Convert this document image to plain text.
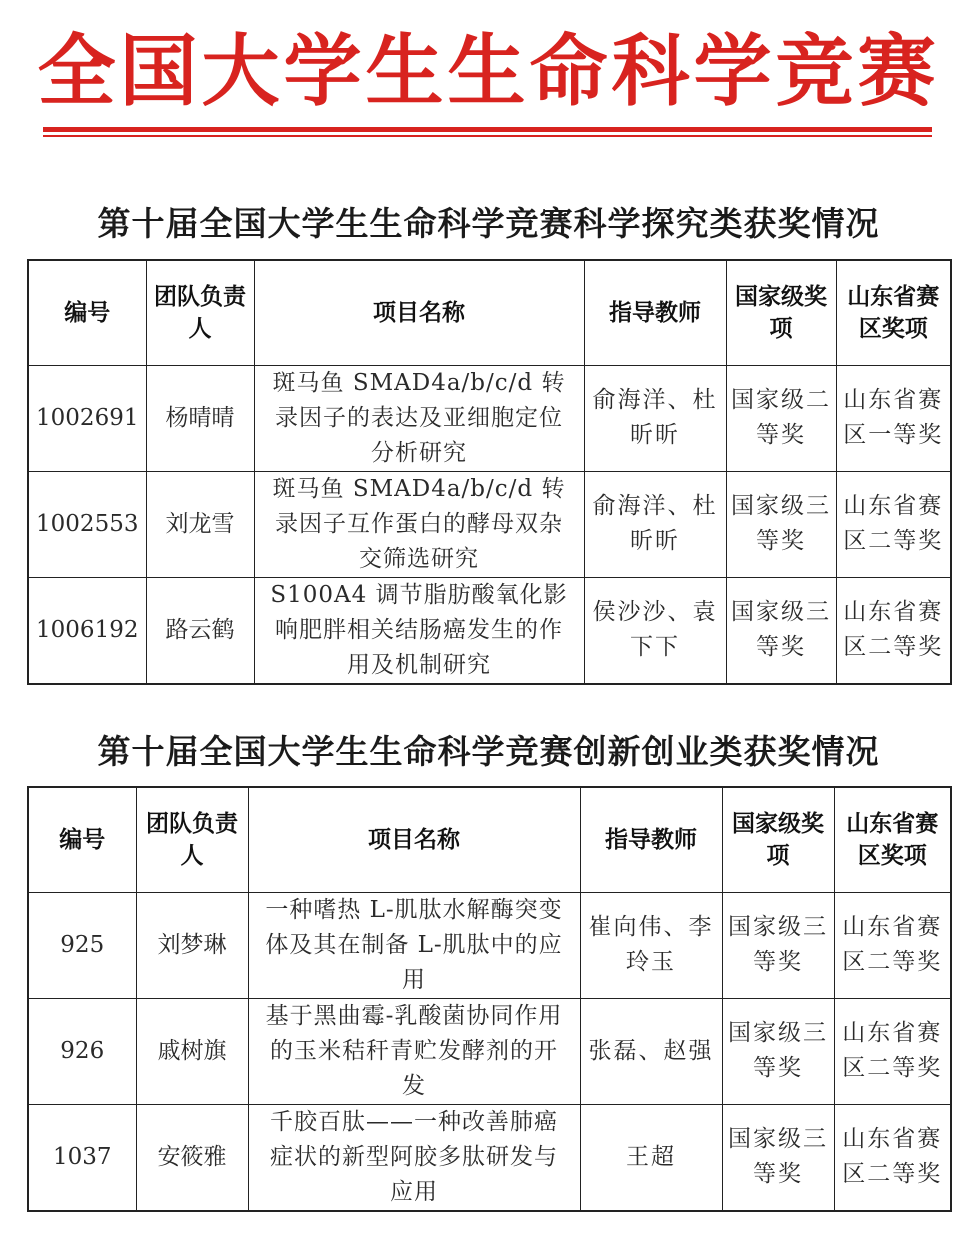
全国大学生生命科学竞赛
第十届全国大学生生命科学竞赛科学探究类获奖情况
编号	团队负责人	项目名称	指导教师	国家级奖项	山东省赛区奖项
1002691	杨晴晴	斑马鱼 SMAD4a/b/c/d 转录因子的表达及亚细胞定位分析研究	俞海洋、杜昕昕	国家级二等奖	山东省赛区一等奖
1002553	刘龙雪	斑马鱼 SMAD4a/b/c/d 转录因子互作蛋白的酵母双杂交筛选研究	俞海洋、杜昕昕	国家级三等奖	山东省赛区二等奖
1006192	路云鹤	S100A4 调节脂肪酸氧化影响肥胖相关结肠癌发生的作用及机制研究	侯沙沙、袁下下	国家级三等奖	山东省赛区二等奖
第十届全国大学生生命科学竞赛创新创业类获奖情况
编号	团队负责人	项目名称	指导教师	国家级奖项	山东省赛区奖项
925	刘梦琳	一种嗜热 L-肌肽水解酶突变体及其在制备 L-肌肽中的应用	崔向伟、李玲玉	国家级三等奖	山东省赛区二等奖
926	戚树旗	基于黑曲霉-乳酸菌协同作用的玉米秸秆青贮发酵剂的开发	张磊、赵强	国家级三等奖	山东省赛区二等奖
1037	安筱雅	千胶百肽——一种改善肺癌症状的新型阿胶多肽研发与应用	王超	国家级三等奖	山东省赛区二等奖
